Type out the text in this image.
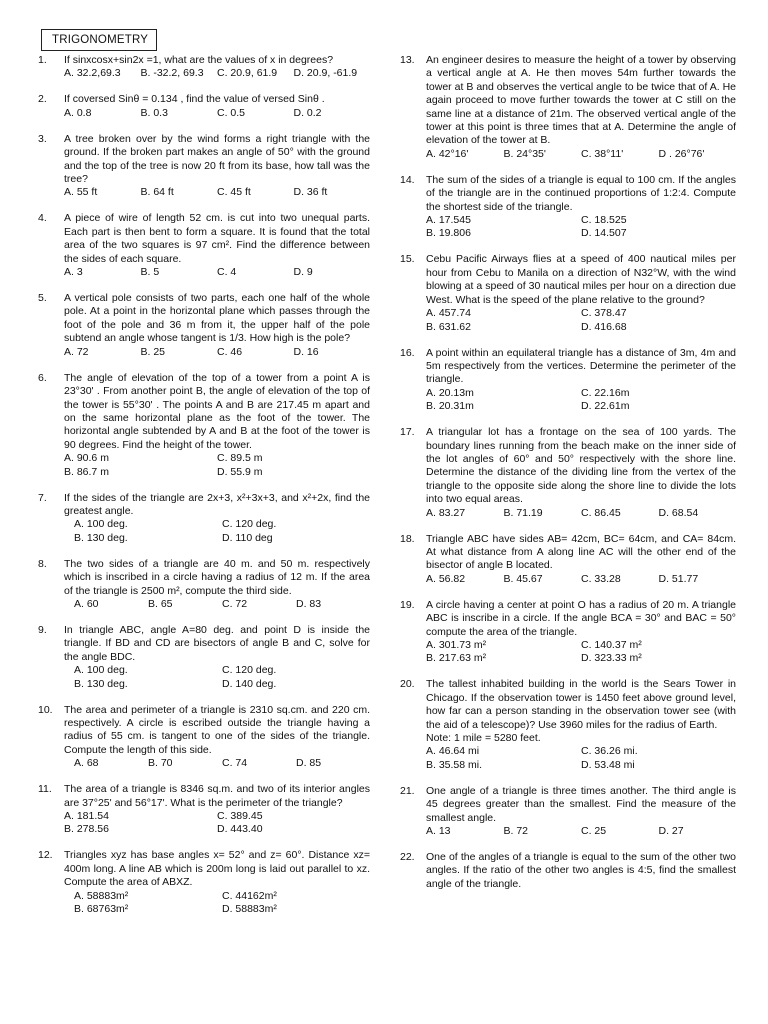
TRIGONOMETRY
1. If sinxcosx+sin2x =1, what are the values of x in degrees?
A. 32.2,69.3	B. -32.2, 69.3	C. 20.9, 61.9	D. 20.9, -61.9
2. If coversed Sinθ = 0.134 , find the value of versed Sinθ .
A. 0.8	B. 0.3	C. 0.5	D. 0.2
3. A tree broken over by the wind forms a right triangle with the ground. If the broken part makes an angle of 50° with the ground and the top of the tree is now 20 ft from its base, how tall was the tree?
A. 55 ft	B. 64 ft	C. 45 ft	D. 36 ft
4. A piece of wire of length 52 cm. is cut into two unequal parts. Each part is then bent to form a square. It is found that the total area of the two squares is 97 cm². Find the difference between the sides of each square.
A. 3	B. 5	C. 4	D. 9
5. A vertical pole consists of two parts, each one half of the whole pole. At a point in the horizontal plane which passes through the foot of the pole and 36 m from it, the upper half of the pole subtend an angle whose tangent is 1/3. How high is the pole?
A. 72	B. 25	C. 46	D. 16
6. The angle of elevation of the top of a tower from a point A is 23°30' . From another point B, the angle of elevation of the top of the tower is 55°30' . The points A and B are 217.45 m apart and on the same horizontal plane as the foot of the tower. The horizontal angle subtended by A and B at the foot of the tower is 90 degrees. Find the height of the tower.
A. 90.6 m	C. 89.5 m
B. 86.7 m	D. 55.9 m
7. If the sides of the triangle are 2x+3, x²+3x+3, and x²+2x, find the greatest angle.
A. 100 deg.	C. 120 deg.
B. 130 deg.	D. 110 deg
8. The two sides of a triangle are 40 m. and 50 m. respectively which is inscribed in a circle having a radius of 12 m. If the area of the triangle is 2500 m², compute the third side.
A. 60	B. 65	C. 72	D. 83
9. In triangle ABC, angle A=80 deg. and point D is inside the triangle. If BD and CD are bisectors of angle B and C, solve for the angle BDC.
A. 100 deg.	C. 120 deg.
B. 130 deg.	D. 140 deg.
10. The area and perimeter of a triangle is 2310 sq.cm. and 220 cm. respectively. A circle is escribed outside the triangle having a radius of 55 cm. is tangent to one of the sides of the triangle. Compute the length of this side.
A. 68	B. 70	C. 74	D. 85
11. The area of a triangle is 8346 sq.m. and two of its interior angles are 37°25' and 56°17'. What is the perimeter of the triangle?
A. 181.54	C. 389.45
B. 278.56	D. 443.40
12. Triangles xyz has base angles x= 52° and z= 60°. Distance xz= 400m long. A line AB which is 200m long is laid out parallel to xz. Compute the area of ABXZ.
A. 58883m²	C. 44162m²
B. 68763m²	D. 58883m²
13. An engineer desires to measure the height of a tower by observing a vertical angle at A. He then moves 54m further towards the tower at B and observes the vertical angle to be twice that of A. He again proceed to move further towards the tower at C still on the same line at a distance of 21m. The observed vertical angle of the tower at this point is three times that at A. Determine the angle of elevation of the tower at B.
A. 42°16'	B. 24°35'	C. 38°11'	D . 26°76'
14. The sum of the sides of a triangle is equal to 100 cm. If the angles of the triangle are in the continued proportions of 1:2:4. Compute the shortest side of the triangle.
A. 17.545	C. 18.525
B. 19.806	D. 14.507
15. Cebu Pacific Airways flies at a speed of 400 nautical miles per hour from Cebu to Manila on a direction of N32°W, with the wind blowing at a speed of 30 nautical miles per hour on a direction due West. What is the speed of the plane relative to the ground?
A. 457.74	C. 378.47
B. 631.62	D. 416.68
16. A point within an equilateral triangle has a distance of 3m, 4m and 5m respectively from the vertices. Determine the perimeter of the triangle.
A. 20.13m	C. 22.16m
B. 20.31m	D. 22.61m
17. A triangular lot has a frontage on the sea of 100 yards. The boundary lines running from the beach make on the inner side of the lot angles of 60° and 50° respectively with the shore line. Determine the distance of the dividing line from the vertex of the triangle to the opposite side along the shore line to divide the lots into two equal areas.
A. 83.27	B. 71.19	C. 86.45	D. 68.54
18. Triangle ABC have sides AB= 42cm, BC= 64cm, and CA= 84cm. At what distance from A along line AC will the other end of the bisector of angle B located.
A. 56.82	B. 45.67	C. 33.28	D. 51.77
19. A circle having a center at point O has a radius of 20 m. A triangle ABC is inscribe in a circle. If the angle BCA = 30° and BAC = 50° compute the area of the triangle.
A. 301.73 m²	C. 140.37 m²
B. 217.63 m²	D. 323.33 m²
20. The tallest inhabited building in the world is the Sears Tower in Chicago. If the observation tower is 1450 feet above ground level, how far can a person standing in the observation tower see (with the aid of a telescope)? Use 3960 miles for the radius of Earth.
Note: 1 mile = 5280 feet.
A. 46.64 mi	C. 36.26 mi.
B. 35.58 mi.	D. 53.48 mi
21. One angle of a triangle is three times another. The third angle is 45 degrees greater than the smallest. Find the measure of the smallest angle.
A. 13	B. 72	C. 25	D. 27
22. One of the angles of a triangle is equal to the sum of the other two angles. If the ratio of the other two angles is 4:5, find the smallest angle of the triangle.
